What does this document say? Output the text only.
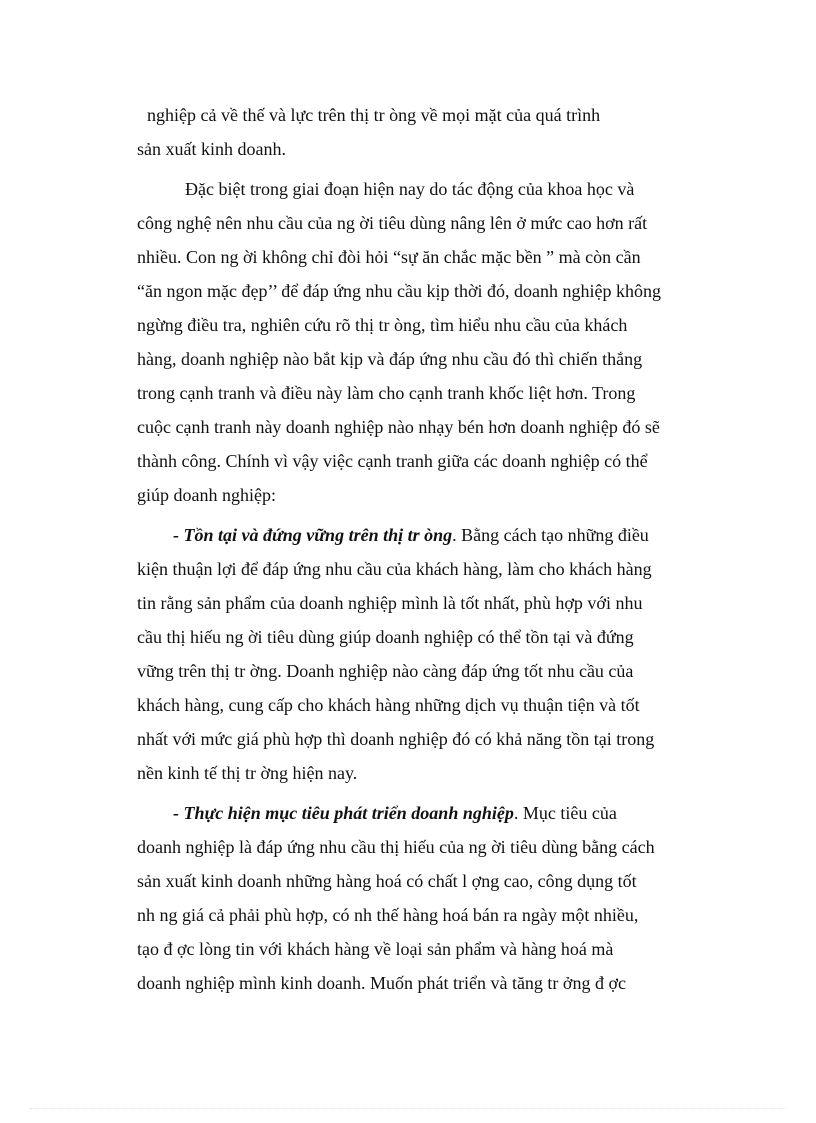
nghiệp cả về thế và lực trên thị tr òng về mọi mặt của quá trình
sản xuất kinh doanh.
Đặc biệt trong giai đoạn hiện nay do tác động của khoa học và
công nghệ nên nhu cầu của ng ời tiêu dùng nâng lên ở mức cao hơn rất
nhiều. Con ng ời không chỉ đòi hỏi “sự ăn chắc mặc bền ” mà còn cần
“ăn ngon mặc đẹp’’ để đáp ứng nhu cầu kịp thời đó, doanh nghiệp không
ngừng điều tra, nghiên cứu rõ thị tr òng, tìm hiểu nhu cầu của khách
hàng, doanh nghiệp nào bắt kịp và đáp ứng nhu cầu đó thì chiến thắng
trong cạnh tranh và điều này làm cho cạnh tranh khốc liệt hơn. Trong
cuộc cạnh tranh này doanh nghiệp nào nhạy bén hơn doanh nghiệp đó sẽ
thành công. Chính vì vậy việc cạnh tranh giữa các doanh nghiệp có thể
giúp doanh nghiệp:
- Tồn tại và đứng vững trên thị tr òng. Bằng cách tạo những điều
kiện thuận lợi để đáp ứng nhu cầu của khách hàng, làm cho khách hàng
tin rằng sản phẩm của doanh nghiệp mình là tốt nhất, phù hợp với nhu
cầu thị hiếu ng ời tiêu dùng giúp doanh nghiệp có thể tồn tại và đứng
vững trên thị tr ờng. Doanh nghiệp nào càng đáp ứng tốt nhu cầu của
khách hàng, cung cấp cho khách hàng những dịch vụ thuận tiện và tốt
nhất với mức giá phù hợp thì doanh nghiệp đó có khả năng tồn tại trong
nền kinh tế thị tr ờng hiện nay.
- Thực hiện mục tiêu phát triển doanh nghiệp. Mục tiêu của
doanh nghiệp là đáp ứng nhu cầu thị hiếu của ng ời tiêu dùng bằng cách
sản xuất kinh doanh những hàng hoá có chất l ợng cao, công dụng tốt
nh ng giá cả phải phù hợp, có nh thế hàng hoá bán ra ngày một nhiều,
tạo đ ợc lòng tin với khách hàng về loại sản phẩm và hàng hoá mà
doanh nghiệp mình kinh doanh. Muốn phát triển và tăng tr ởng đ ợc
